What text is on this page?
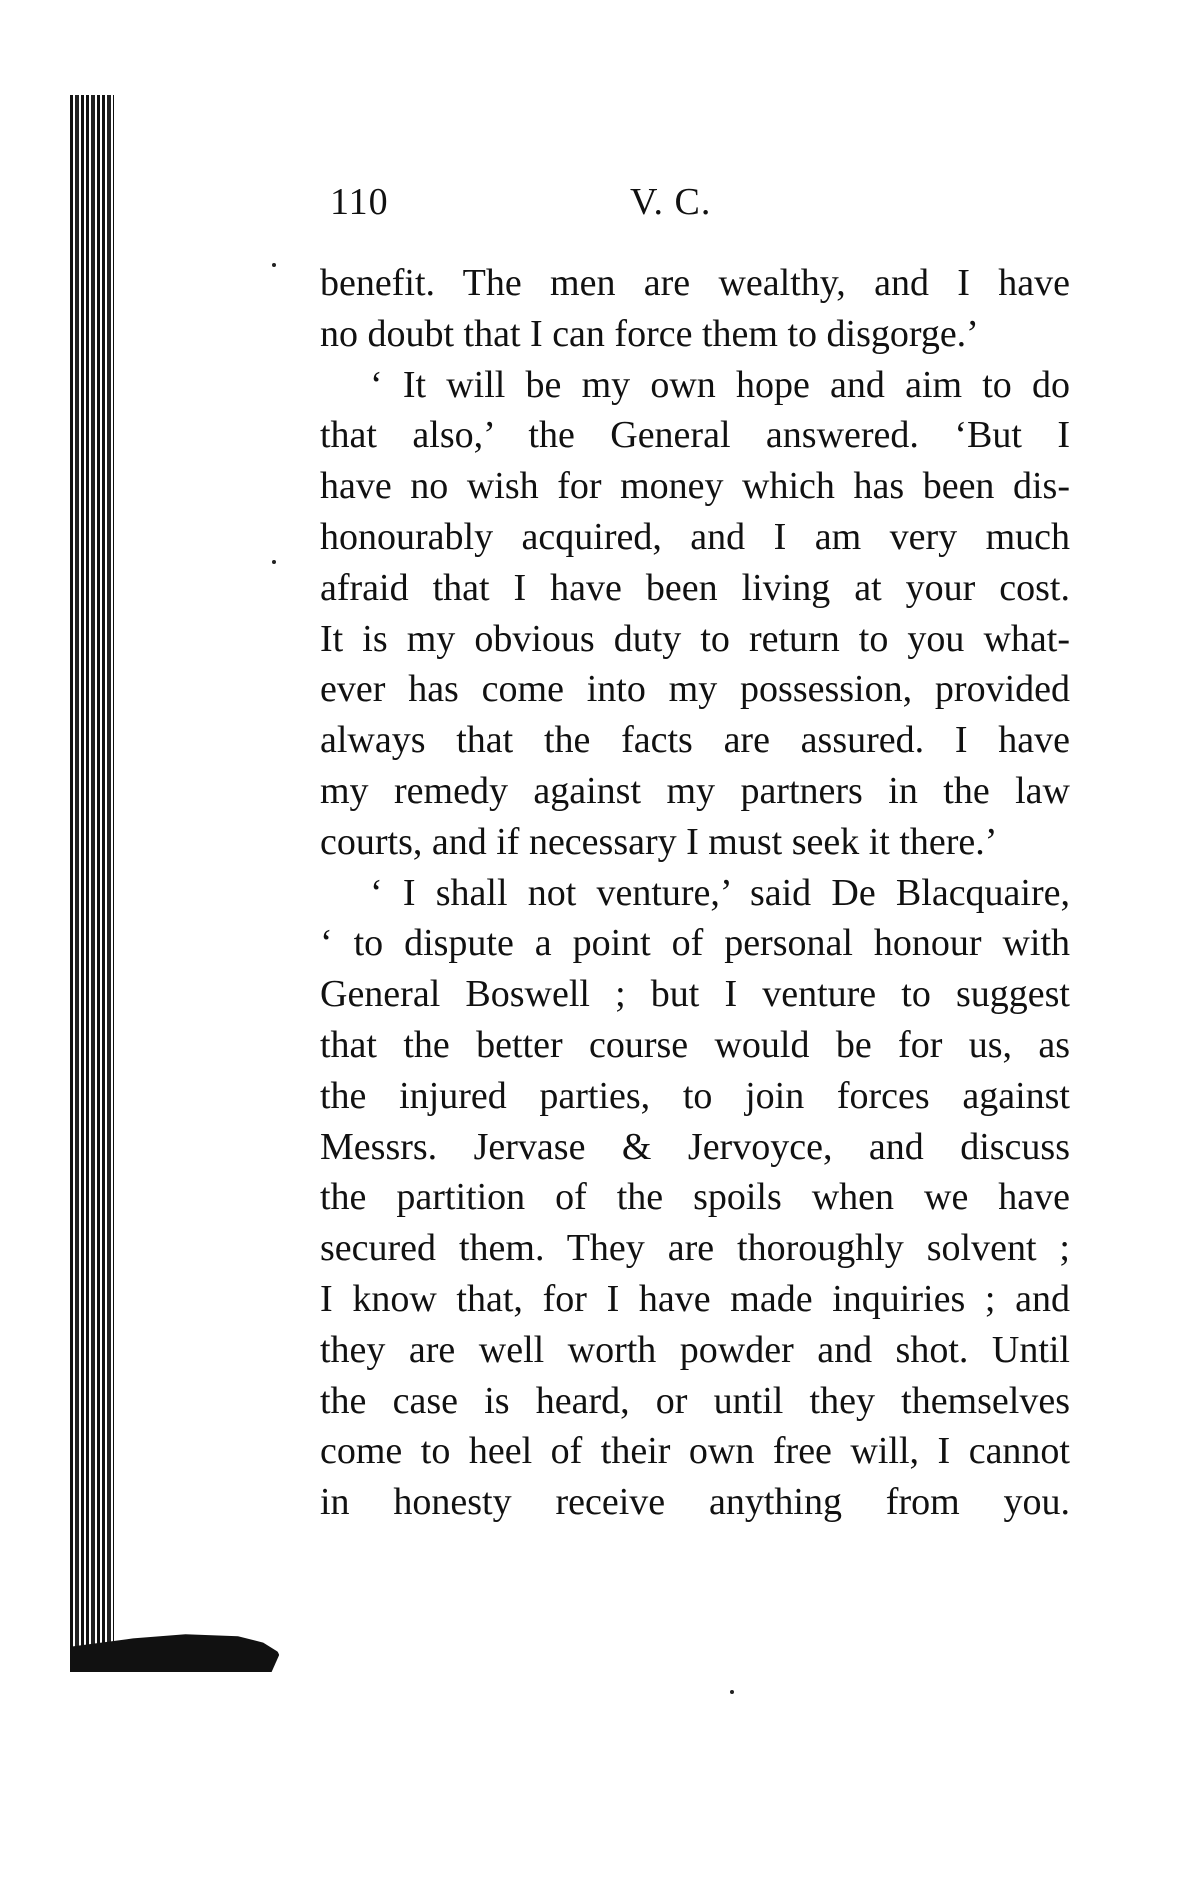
110	V. C.
benefit. The men are wealthy, and I have
no doubt that I can force them to disgorge.’
‘ It will be my own hope and aim to do
that also,’ the General answered. ‘But I
have no wish for money which has been dis-
honourably acquired, and I am very much
afraid that I have been living at your cost.
It is my obvious duty to return to you what-
ever has come into my possession, provided
always that the facts are assured. I have
my remedy against my partners in the law
courts, and if necessary I must seek it there.’
‘ I shall not venture,’ said De Blacquaire,
‘ to dispute a point of personal honour with
General Boswell ; but I venture to suggest
that the better course would be for us, as
the injured parties, to join forces against
Messrs. Jervase & Jervoyce, and discuss
the partition of the spoils when we have
secured them. They are thoroughly solvent ;
I know that, for I have made inquiries ; and
they are well worth powder and shot. Until
the case is heard, or until they themselves
come to heel of their own free will, I cannot
in honesty receive anything from you.
